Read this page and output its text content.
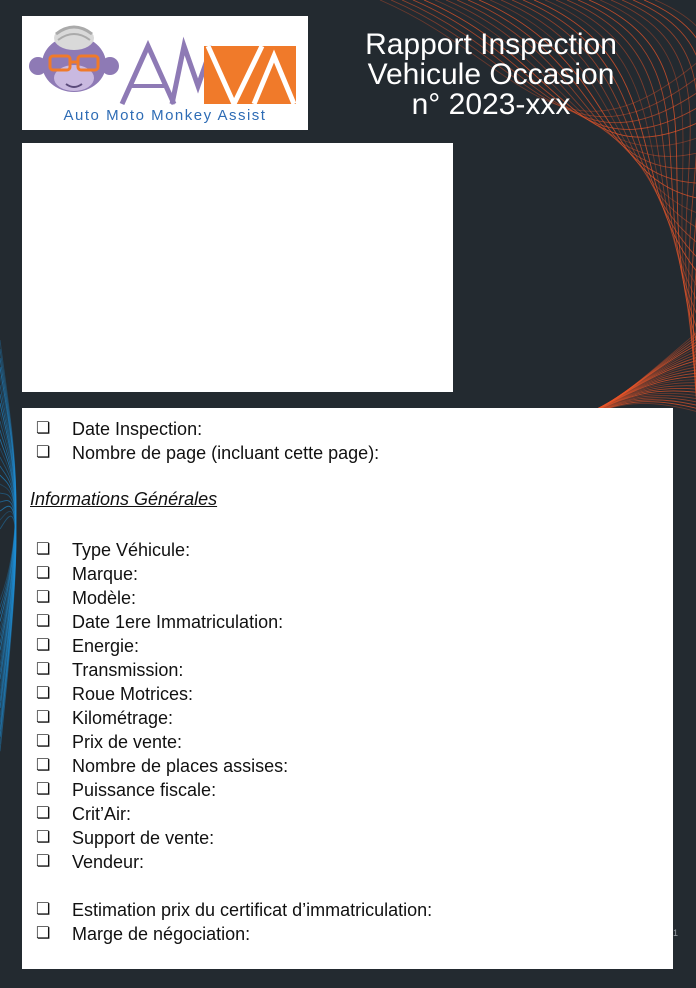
Auto Moto Monkey Assist
Rapport Inspection
Vehicule Occasion
n° 2023-xxx
❏ Date Inspection:
❏ Nombre de page (incluant cette page):
Informations Générales
❏ Type Véhicule:
❏ Marque:
❏ Modèle:
❏ Date 1ere Immatriculation:
❏ Energie:
❏ Transmission:
❏ Roue Motrices:
❏ Kilométrage:
❏ Prix de vente:
❏ Nombre de places assises:
❏ Puissance fiscale:
❏ Crit’Air:
❏ Support de vente:
❏ Vendeur:
❏ Estimation prix du certificat d’immatriculation:
❏ Marge de négociation:	1
